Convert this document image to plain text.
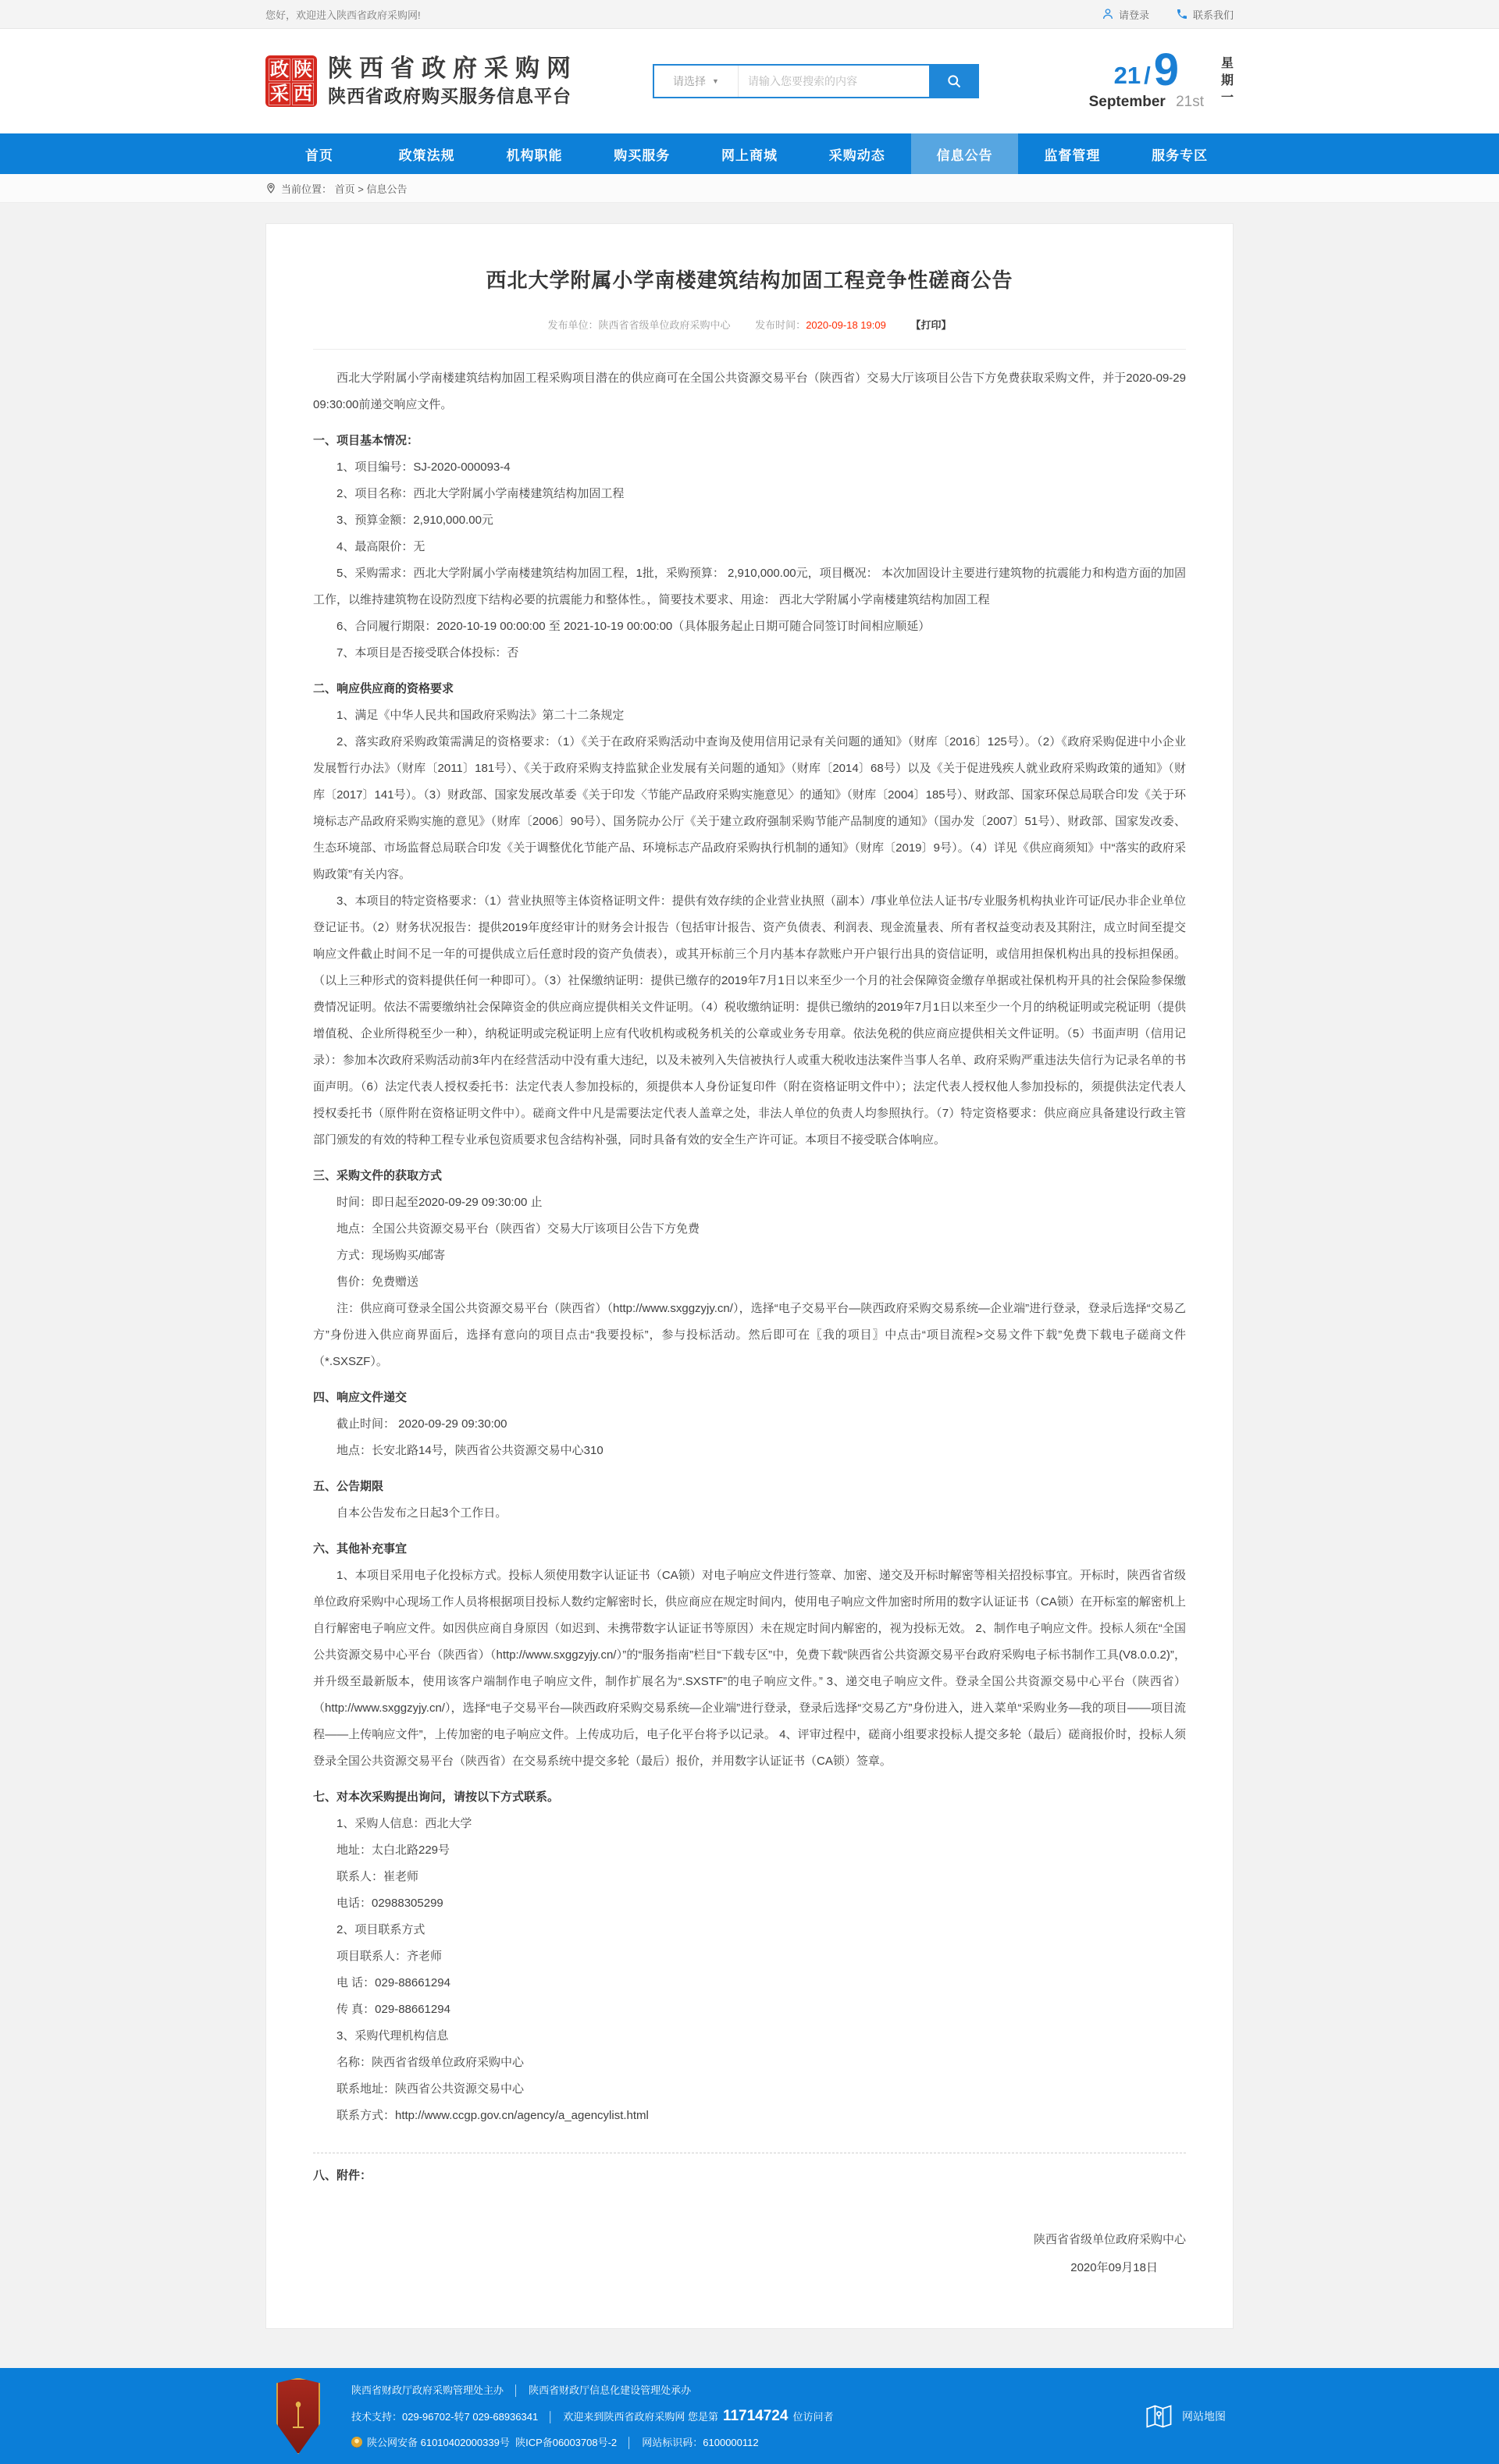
您好，欢迎进入陕西省政府采购网!	请登录	联系我们
政 陕
采 西
陕西省政府采购网
陕西省政府购买服务信息平台
请选择 ▼
请输入您要搜索的内容	21 / 9
September 21st
星
期
一
首页	政策法规	机构职能	购买服务	网上商城	采购动态	信息公告	监督管理	服务专区
当前位置： 首页 > 信息公告
西北大学附属小学南楼建筑结构加固工程竞争性磋商公告
发布单位：陕西省省级单位政府采购中心 发布时间：2020-09-18 19:09 【打印】
西北大学附属小学南楼建筑结构加固工程采购项目潜在的供应商可在全国公共资源交易平台（陕西省）交易大厅该项目公告下方免费获取采购文件，并于2020-09-29 09:30:00前递交响应文件。
一、项目基本情况：
1、项目编号：SJ-2020-000093-4
2、项目名称：西北大学附属小学南楼建筑结构加固工程
3、预算金额：2,910,000.00元
4、最高限价：无
5、采购需求：西北大学附属小学南楼建筑结构加固工程，1批，采购预算： 2,910,000.00元，项目概况： 本次加固设计主要进行建筑物的抗震能力和构造方面的加固工作，以维持建筑物在设防烈度下结构必要的抗震能力和整体性。，简要技术要求、用途： 西北大学附属小学南楼建筑结构加固工程
6、合同履行期限：2020-10-19 00:00:00 至 2021-10-19 00:00:00（具体服务起止日期可随合同签订时间相应顺延）
7、本项目是否接受联合体投标：否
二、响应供应商的资格要求
1、满足《中华人民共和国政府采购法》第二十二条规定
2、落实政府采购政策需满足的资格要求：（1）《关于在政府采购活动中查询及使用信用记录有关问题的通知》（财库〔2016〕125号）。（2）《政府采购促进中小企业发展暂行办法》（财库〔2011〕181号）、《关于政府采购支持监狱企业发展有关问题的通知》（财库〔2014〕68号）以及《关于促进残疾人就业政府采购政策的通知》（财库〔2017〕141号）。（3）财政部、国家发展改革委《关于印发〈节能产品政府采购实施意见〉的通知》（财库〔2004〕185号）、财政部、国家环保总局联合印发《关于环境标志产品政府采购实施的意见》（财库〔2006〕90号）、国务院办公厅《关于建立政府强制采购节能产品制度的通知》（国办发〔2007〕51号）、财政部、国家发改委、生态环境部、市场监督总局联合印发《关于调整优化节能产品、环境标志产品政府采购执行机制的通知》（财库〔2019〕9号）。（4）详见《供应商须知》中“落实的政府采购政策”有关内容。
3、本项目的特定资格要求：（1）营业执照等主体资格证明文件：提供有效存续的企业营业执照（副本）/事业单位法人证书/专业服务机构执业许可证/民办非企业单位登记证书。（2）财务状况报告：提供2019年度经审计的财务会计报告（包括审计报告、资产负债表、利润表、现金流量表、所有者权益变动表及其附注，成立时间至提交响应文件截止时间不足一年的可提供成立后任意时段的资产负债表），或其开标前三个月内基本存款账户开户银行出具的资信证明，或信用担保机构出具的投标担保函。（以上三种形式的资料提供任何一种即可）。（3）社保缴纳证明：提供已缴存的2019年7月1日以来至少一个月的社会保障资金缴存单据或社保机构开具的社会保险参保缴费情况证明。依法不需要缴纳社会保障资金的供应商应提供相关文件证明。（4）税收缴纳证明：提供已缴纳的2019年7月1日以来至少一个月的纳税证明或完税证明（提供增值税、企业所得税至少一种），纳税证明或完税证明上应有代收机构或税务机关的公章或业务专用章。依法免税的供应商应提供相关文件证明。（5）书面声明（信用记录）：参加本次政府采购活动前3年内在经营活动中没有重大违纪，以及未被列入失信被执行人或重大税收违法案件当事人名单、政府采购严重违法失信行为记录名单的书面声明。（6）法定代表人授权委托书：法定代表人参加投标的，须提供本人身份证复印件（附在资格证明文件中）；法定代表人授权他人参加投标的，须提供法定代表人授权委托书（原件附在资格证明文件中）。磋商文件中凡是需要法定代表人盖章之处，非法人单位的负责人均参照执行。（7）特定资格要求：供应商应具备建设行政主管部门颁发的有效的特种工程专业承包资质要求包含结构补强，同时具备有效的安全生产许可证。本项目不接受联合体响应。
三、采购文件的获取方式
时间：即日起至2020-09-29 09:30:00 止
地点：全国公共资源交易平台（陕西省）交易大厅该项目公告下方免费
方式：现场购买/邮寄
售价：免费赠送
注：供应商可登录全国公共资源交易平台（陕西省）（http://www.sxggzyjy.cn/），选择“电子交易平台—陕西政府采购交易系统—企业端”进行登录，登录后选择“交易乙方”身份进入供应商界面后，选择有意向的项目点击“我要投标”，参与投标活动。然后即可在〖我的项目〗中点击“项目流程>交易文件下载”免费下载电子磋商文件（*.SXSZF）。
四、响应文件递交
截止时间： 2020-09-29 09:30:00
地点：长安北路14号，陕西省公共资源交易中心310
五、公告期限
自本公告发布之日起3个工作日。
六、其他补充事宜
1、本项目采用电子化投标方式。投标人须使用数字认证证书（CA锁）对电子响应文件进行签章、加密、递交及开标时解密等相关招投标事宜。开标时，陕西省省级单位政府采购中心现场工作人员将根据项目投标人数约定解密时长，供应商应在规定时间内，使用电子响应文件加密时所用的数字认证证书（CA锁）在开标室的解密机上自行解密电子响应文件。如因供应商自身原因（如迟到、未携带数字认证证书等原因）未在规定时间内解密的，视为投标无效。 2、制作电子响应文件。投标人须在“全国公共资源交易中心平台（陕西省）（http://www.sxggzyjy.cn/）”的“服务指南”栏目“下载专区”中，免费下载“陕西省公共资源交易平台政府采购电子标书制作工具(V8.0.0.2)”，并升级至最新版本，使用该客户端制作电子响应文件，制作扩展名为“.SXSTF”的电子响应文件。” 3、递交电子响应文件。登录全国公共资源交易中心平台（陕西省）（http://www.sxggzyjy.cn/），选择“电子交易平台—陕西政府采购交易系统—企业端”进行登录，登录后选择“交易乙方”身份进入，进入菜单“采购业务—我的项目——项目流程——上传响应文件”，上传加密的电子响应文件。上传成功后，电子化平台将予以记录。 4、评审过程中，磋商小组要求投标人提交多轮（最后）磋商报价时，投标人须登录全国公共资源交易平台（陕西省）在交易系统中提交多轮（最后）报价，并用数字认证证书（CA锁）签章。
七、对本次采购提出询问，请按以下方式联系。
1、采购人信息：西北大学
地址：太白北路229号
联系人：崔老师
电话：02988305299
2、项目联系方式
项目联系人：齐老师
电 话：029-88661294
传 真：029-88661294
3、采购代理机构信息
名称：陕西省省级单位政府采购中心
联系地址：陕西省公共资源交易中心
联系方式：http://www.ccgp.gov.cn/agency/a_agencylist.html
八、附件：
陕西省省级单位政府采购中心
2020年09月18日
陕西省财政厅政府采购管理处主办 │ 陕西省财政厅信息化建设管理处承办
技术支持：029-96702-转7 029-68936341 │ 欢迎来到陕西省政府采购网 您是第 11714724 位访问者
陕公网安备 61010402000339号 陕ICP备06003708号-2 │ 网站标识码：6100000112
网站地图
